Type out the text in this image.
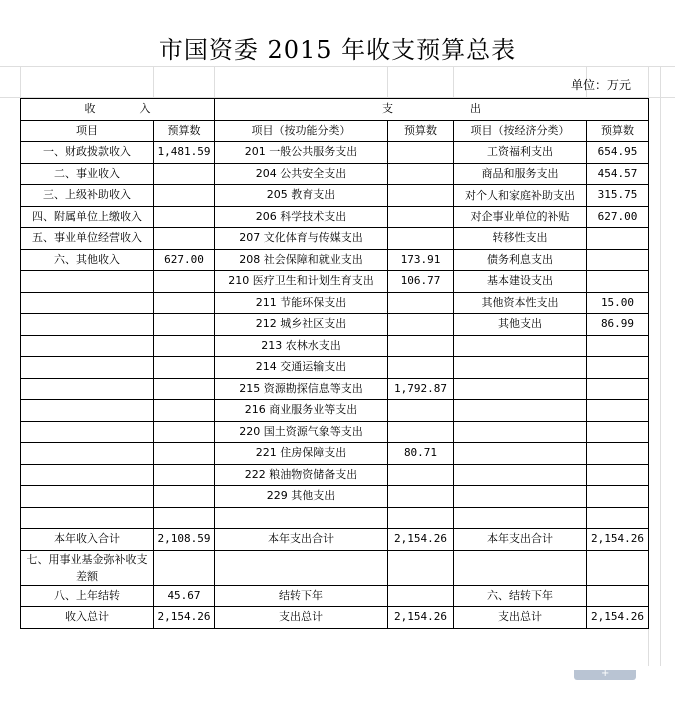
市国资委 2015 年收支预算总表
单位：万元
收　　　　入		支　　　　　　　出			
项目	预算数	项目（按功能分类）	预算数	项目（按经济分类）	预算数
一、财政拨款收入	1,481.59	201 一般公共服务支出		工资福利支出	654.95
二、事业收入		204 公共安全支出		商品和服务支出	454.57
三、上级补助收入		205 教育支出		对个人和家庭补助支出	315.75
四、附属单位上缴收入		206 科学技术支出		对企事业单位的补贴	627.00
五、事业单位经营收入		207 文化体育与传媒支出		转移性支出	
六、其他收入	627.00	208 社会保障和就业支出	173.91	债务利息支出	
		210 医疗卫生和计划生育支出	106.77	基本建设支出	
		211 节能环保支出		其他资本性支出	15.00
		212 城乡社区支出		其他支出	86.99
		213 农林水支出			
		214 交通运输支出			
		215 资源勘探信息等支出	1,792.87		
		216 商业服务业等支出			
		220 国土资源气象等支出			
		221 住房保障支出	80.71		
		222 粮油物资储备支出			
		229 其他支出			

本年收入合计	2,108.59	本年支出合计	2,154.26	本年支出合计	2,154.26
七、用事业基金弥补收支差额					
八、上年结转	45.67	结转下年		六、结转下年	
收入总计	2,154.26	支出总计	2,154.26	支出总计	2,154.26
+
